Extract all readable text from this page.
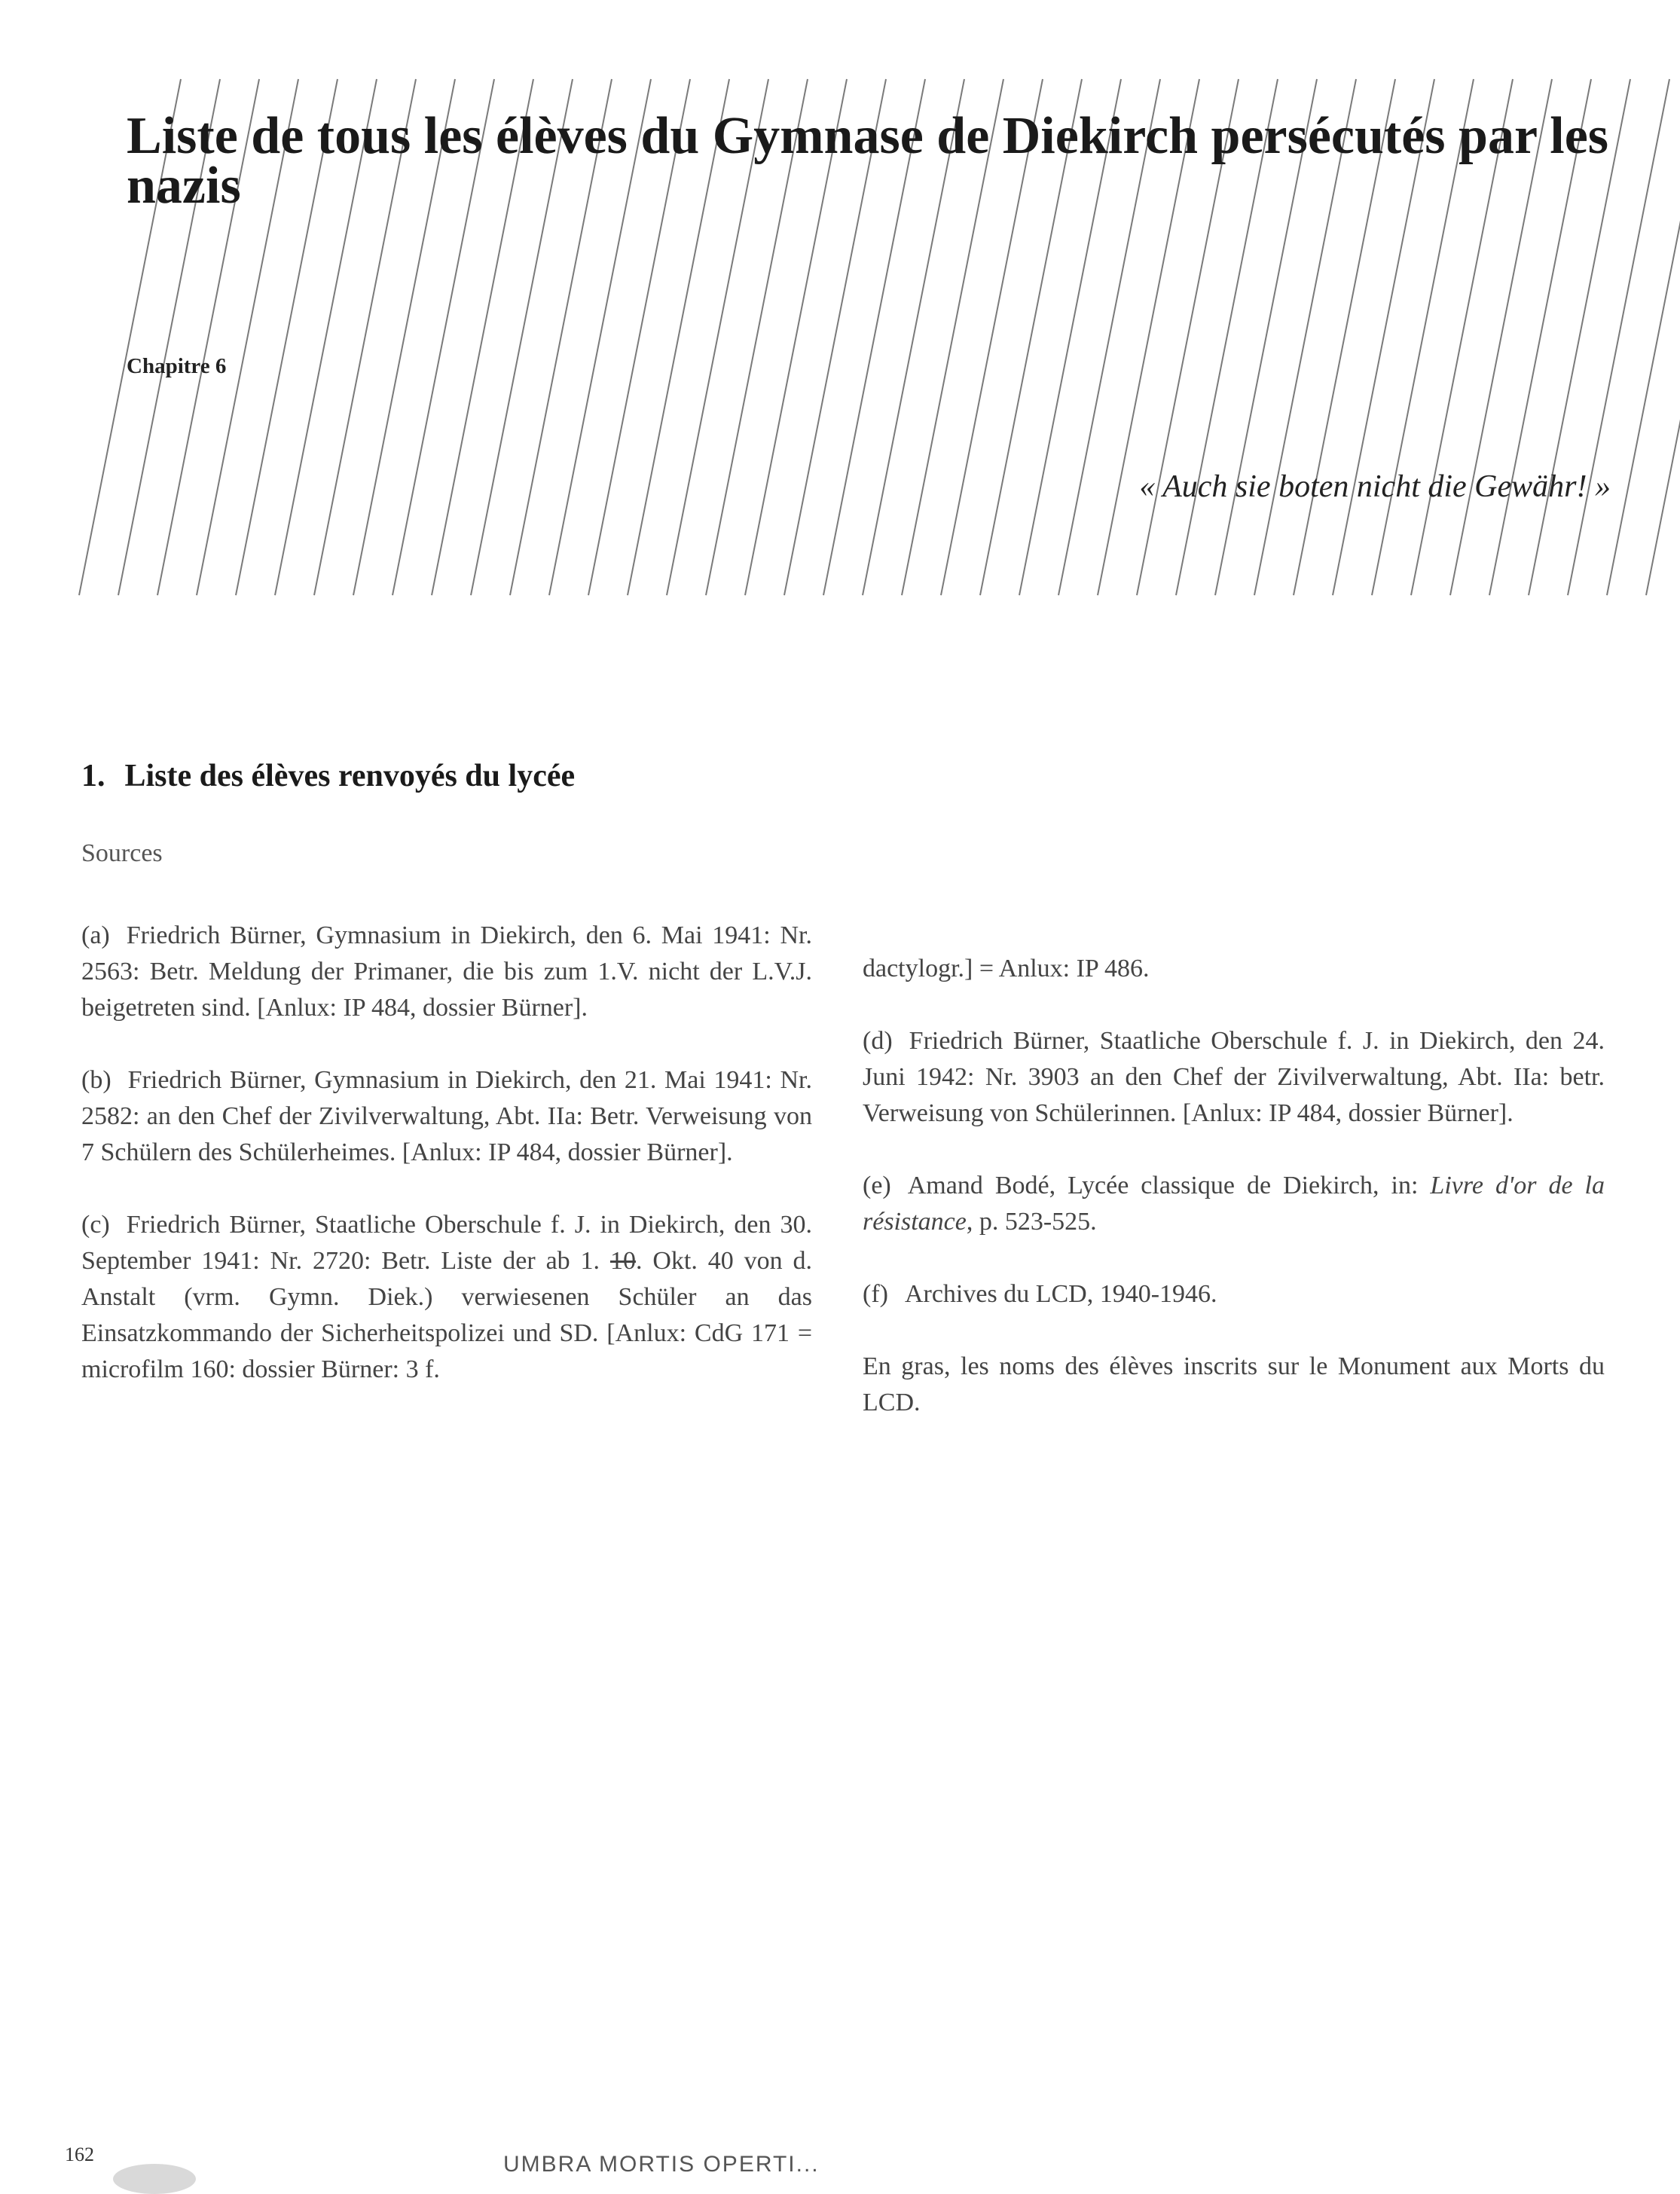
Liste de tous les élèves du Gymnase de Diekirch persécutés par les nazis
Chapitre 6
« Auch sie boten nicht die Gewähr! »
1. Liste des élèves renvoyés du lycée
Sources

(a) Friedrich Bürner, Gymnasium in Diekirch, den 6. Mai 1941: Nr. 2563: Betr. Meldung der Primaner, die bis zum 1.V. nicht der L.V.J. beigetreten sind. [Anlux: IP 484, dossier Bürner].

(b) Friedrich Bürner, Gymnasium in Diekirch, den 21. Mai 1941: Nr. 2582: an den Chef der Zivilverwaltung, Abt. IIa: Betr. Verweisung von 7 Schülern des Schülerheimes. [Anlux: IP 484, dossier Bürner].

(c) Friedrich Bürner, Staatliche Oberschule f. J. in Diekirch, den 30. September 1941: Nr. 2720: Betr. Liste der ab 1. 10. Okt. 40 von d. Anstalt (vrm. Gymn. Diek.) verwiesenen Schüler an das Einsatzkommando der Sicherheitspolizei und SD. [Anlux: CdG 171 = microfilm 160: dossier Bürner: 3 f.

dactylogr.] = Anlux: IP 486.

(d) Friedrich Bürner, Staatliche Oberschule f. J. in Diekirch, den 24. Juni 1942: Nr. 3903 an den Chef der Zivilverwaltung, Abt. IIa: betr. Verweisung von Schülerinnen. [Anlux: IP 484, dossier Bürner].

(e) Amand Bodé, Lycée classique de Diekirch, in: Livre d'or de la résistance, p. 523-525.

(f) Archives du LCD, 1940-1946.

En gras, les noms des élèves inscrits sur le Monument aux Morts du LCD.

162	UMBRA MORTIS OPERTI...
